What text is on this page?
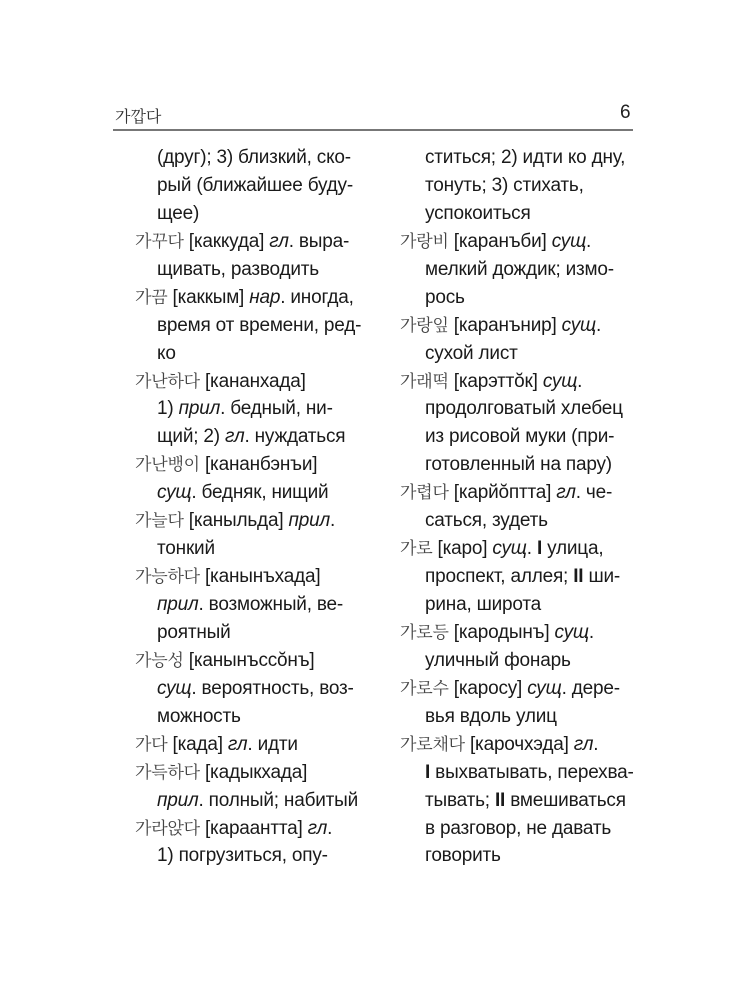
가깝다	6
(друг); 3) близкий, ско-
рый (ближайшее буду-
щее)
가꾸다 [каккуда] гл. выра-
щивать, разводить
가끔 [каккым] нар. иногда,
время от времени, ред-
ко
가난하다 [кананхада]
1) прил. бедный, ни-
щий; 2) гл. нуждаться
가난뱅이 [кананбэнъи]
сущ. бедняк, нищий
가늘다 [каныльда] прил.
тонкий
가능하다 [канынъхада]
прил. возможный, ве-
роятный
가능성 [канынъссŏнъ]
сущ. вероятность, воз-
можность
가다 [када] гл. идти
가득하다 [кадыкхада]
прил. полный; набитый
가라앉다 [караантта] гл.
1) погрузиться, опу-
ститься; 2) идти ко дну,
тонуть; 3) стихать,
успокоиться
가랑비 [каранъби] сущ.
мелкий дождик; измо-
рось
가랑잎 [каранъниp] сущ.
сухой лист
가래떡 [карэттŏк] сущ.
продолговатый хлебец
из рисовой муки (при-
готовленный на пару)
가렵다 [карйŏптта] гл. че-
саться, зудеть
가로 [каро] сущ. I улица,
проспект, аллея; II ши-
рина, широта
가로등 [кародынъ] сущ.
уличный фонарь
가로수 [каросу] сущ. дере-
вья вдоль улиц
가로채다 [карочхэда] гл.
I выхватывать, перехва-
тывать; II вмешиваться
в разговор, не давать
говорить
